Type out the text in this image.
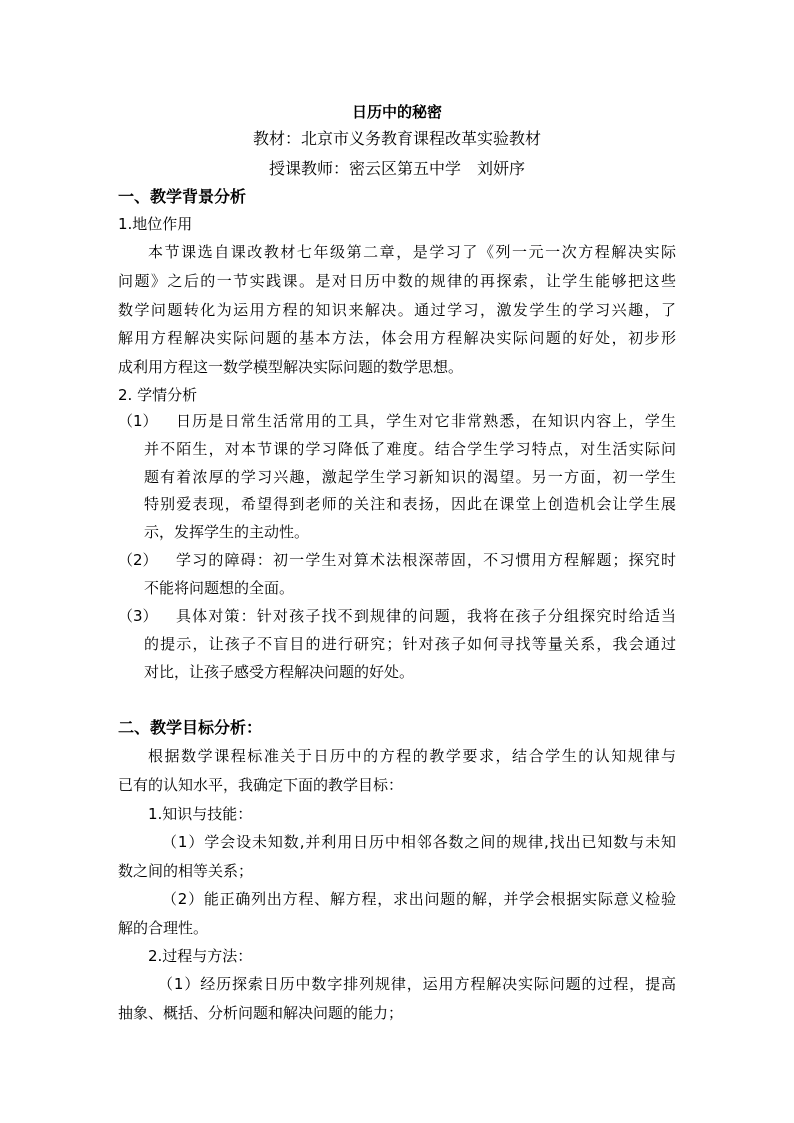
日历中的秘密
教材：北京市义务教育课程改革实验教材
授课教师：密云区第五中学　刘妍序
一、教学背景分析
1.地位作用
本节课选自课改教材七年级第二章，是学习了《列一元一次方程解决实际
问题》之后的一节实践课。是对日历中数的规律的再探索，让学生能够把这些
数学问题转化为运用方程的知识来解决。通过学习，激发学生的学习兴趣，了
解用方程解决实际问题的基本方法，体会用方程解决实际问题的好处，初步形
成利用方程这一数学模型解决实际问题的数学思想。
2. 学情分析
（1） 日历是日常生活常用的工具，学生对它非常熟悉，在知识内容上，学生
并不陌生，对本节课的学习降低了难度。结合学生学习特点，对生活实际问
题有着浓厚的学习兴趣，激起学生学习新知识的渴望。另一方面，初一学生
特别爱表现，希望得到老师的关注和表扬，因此在课堂上创造机会让学生展
示，发挥学生的主动性。
（2） 学习的障碍：初一学生对算术法根深蒂固，不习惯用方程解题；探究时
不能将问题想的全面。
（3） 具体对策：针对孩子找不到规律的问题，我将在孩子分组探究时给适当
的提示，让孩子不盲目的进行研究；针对孩子如何寻找等量关系，我会通过
对比，让孩子感受方程解决问题的好处。
二、教学目标分析：
根据数学课程标准关于日历中的方程的教学要求，结合学生的认知规律与
已有的认知水平，我确定下面的教学目标：
1.知识与技能：
（1）学会设未知数,并利用日历中相邻各数之间的规律,找出已知数与未知
数之间的相等关系；
（2）能正确列出方程、解方程，求出问题的解，并学会根据实际意义检验
解的合理性。
2.过程与方法：
（1）经历探索日历中数字排列规律，运用方程解决实际问题的过程，提高
抽象、概括、分析问题和解决问题的能力；
